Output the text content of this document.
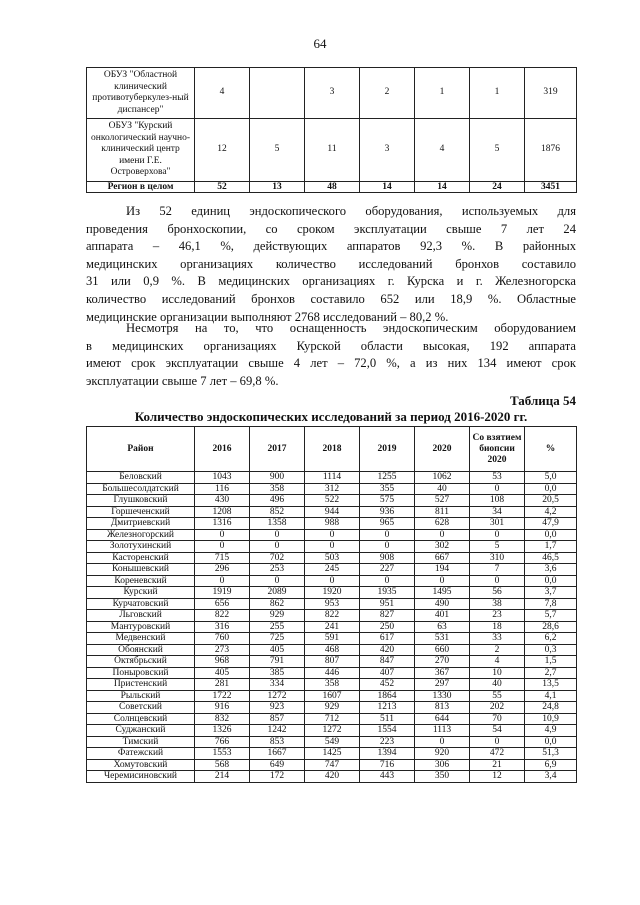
64
ОБУЗ "Областной клинический противотуберкулез-ный диспансер"	4		3	2	1	1	319
ОБУЗ "Курский онкологический научно-клинический центр имени Г.Е. Островерхова"	12	5	11	3	4	5	1876
Регион в целом	52	13	48	14	14	24	3451
Из 52 единиц эндоскопического оборудования, используемых для
проведения бронхоскопии, со сроком эксплуатации свыше 7 лет 24
аппарата – 46,1 %, действующих аппаратов 92,3 %. В районных
медицинских организациях количество исследований бронхов составило
31 или 0,9 %. В медицинских организациях г. Курска и г. Железногорска
количество исследований бронхов составило 652 или 18,9 %. Областные
медицинские организации выполняют 2768 исследований – 80,2 %.
Несмотря на то, что оснащенность эндоскопическим оборудованием
в медицинских организациях Курской области высокая, 192 аппарата
имеют срок эксплуатации свыше 4 лет – 72,0 %, а из них 134 имеют срок
эксплуатации свыше 7 лет – 69,8 %.
Таблица 54
Количество эндоскопических исследований за период 2016-2020 гг.
Район	2016	2017	2018	2019	2020	Со взятием биопсии 2020	%
Беловский	1043	900	1114	1255	1062	53	5,0
Большесолдатский	116	358	312	355	40	0	0,0
Глушковский	430	496	522	575	527	108	20,5
Горшеченский	1208	852	944	936	811	34	4,2
Дмитриевский	1316	1358	988	965	628	301	47,9
Железногорский	0	0	0	0	0	0	0,0
Золотухинский	0	0	0	0	302	5	1,7
Касторенский	715	702	503	908	667	310	46,5
Конышевский	296	253	245	227	194	7	3,6
Кореневский	0	0	0	0	0	0	0,0
Курский	1919	2089	1920	1935	1495	56	3,7
Курчатовский	656	862	953	951	490	38	7,8
Льговский	822	929	822	827	401	23	5,7
Мантуровский	316	255	241	250	63	18	28,6
Медвенский	760	725	591	617	531	33	6,2
Обоянский	273	405	468	420	660	2	0,3
Октябрьский	968	791	807	847	270	4	1,5
Поныровский	405	385	446	407	367	10	2,7
Пристенский	281	334	358	452	297	40	13,5
Рыльский	1722	1272	1607	1864	1330	55	4,1
Советский	916	923	929	1213	813	202	24,8
Солнцевский	832	857	712	511	644	70	10,9
Суджанский	1326	1242	1272	1554	1113	54	4,9
Тимский	766	853	549	223	0	0	0,0
Фатежский	1553	1667	1425	1394	920	472	51,3
Хомутовский	568	649	747	716	306	21	6,9
Черемисиновский	214	172	420	443	350	12	3,4
